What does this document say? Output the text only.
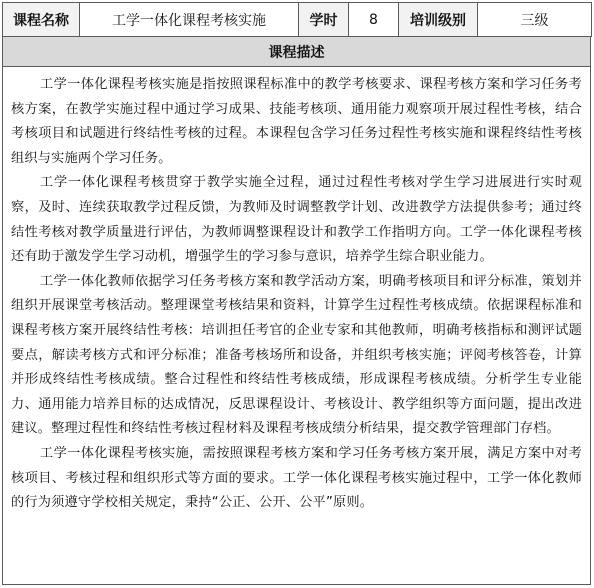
课程名称	工学一体化课程考核实施	学时	8	培训级别	三级
课程描述

工学一体化课程考核实施是指按照课程标准中的教学考核要求、课程考核方案和学习任务考核方案，在教学实施过程中通过学习成果、技能考核项、通用能力观察项开展过程性考核，结合考核项目和试题进行终结性考核的过程。本课程包含学习任务过程性考核实施和课程终结性考核组织与实施两个学习任务。

工学一体化课程考核贯穿于教学实施全过程，通过过程性考核对学生学习进展进行实时观察，及时、连续获取教学过程反馈，为教师及时调整教学计划、改进教学方法提供参考；通过终结性考核对教学质量进行评估，为教师调整课程设计和教学工作指明方向。工学一体化课程考核还有助于激发学生学习动机，增强学生的学习参与意识，培养学生综合职业能力。

工学一体化教师依据学习任务考核方案和教学活动方案，明确考核项目和评分标准，策划并组织开展课堂考核活动。整理课堂考核结果和资料，计算学生过程性考核成绩。依据课程标准和课程考核方案开展终结性考核：培训担任考官的企业专家和其他教师，明确考核指标和测评试题要点，解读考核方式和评分标准；准备考核场所和设备，并组织考核实施；评阅考核答卷，计算并形成终结性考核成绩。整合过程性和终结性考核成绩，形成课程考核成绩。分析学生专业能力、通用能力培养目标的达成情况，反思课程设计、考核设计、教学组织等方面问题，提出改进建议。整理过程性和终结性考核过程材料及课程考核成绩分析结果，提交教学管理部门存档。

工学一体化课程考核实施，需按照课程考核方案和学习任务考核方案开展，满足方案中对考核项目、考核过程和组织形式等方面的要求。工学一体化课程考核实施过程中，工学一体化教师的行为须遵守学校相关规定，秉持“公正、公开、公平”原则。
